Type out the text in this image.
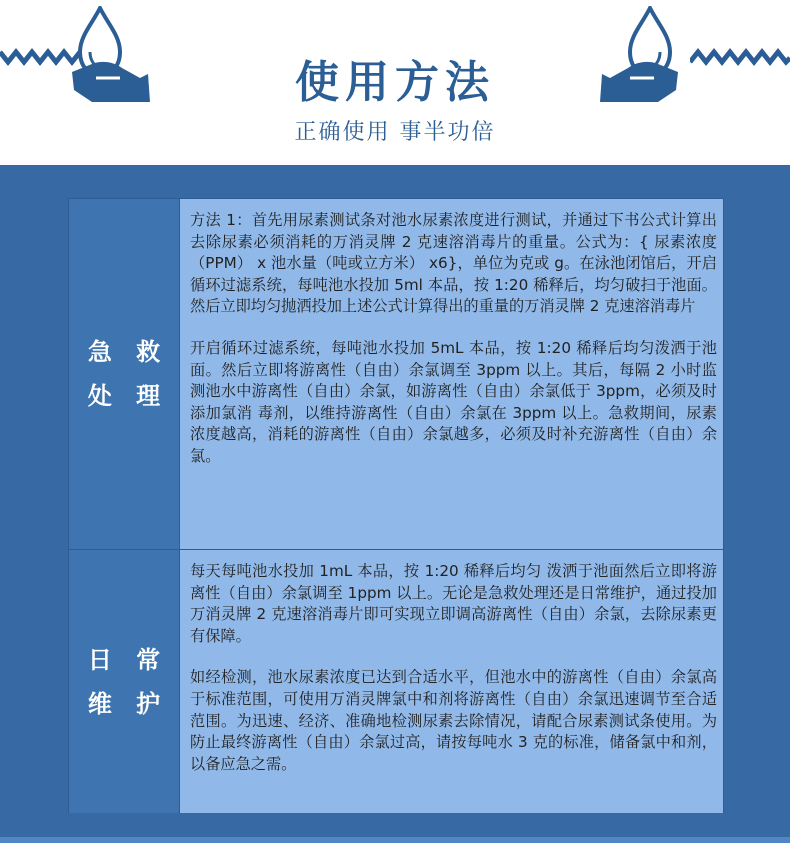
使用方法

正确使用 事半功倍

急 救
处 理

方法 1：首先用尿素测试条对池水尿素浓度进行测试，并通过下书公式计算出去除尿素必须消耗的万消灵牌 2 克速溶消毒片的重量。公式为：{ 尿素浓度（PPM） x 池水量（吨或立方米） x6}，单位为克或 g。在泳池闭馆后，开启循环过滤系统，每吨池水投加 5ml 本品，按 1:20 稀释后，均匀破扫于池面。然后立即均匀抛洒投加上述公式计算得出的重量的万消灵牌 2 克速溶消毒片

开启循环过滤系统，每吨池水投加 5mL 本品，按 1:20 稀释后均匀泼洒于池面。然后立即将游离性（自由）余氯调至 3ppm 以上。其后，每隔 2 小时监测池水中游离性（自由）余氯，如游离性（自由）余氯低于 3ppm，必须及时添加氯消 毒剂，以维持游离性（自由）余氯在 3ppm 以上。急救期间，尿素浓度越高，消耗的游离性（自由）余氯越多，必须及时补充游离性（自由）余氯。

日 常
维 护

每天每吨池水投加 1mL 本品，按 1:20 稀释后均匀 泼洒于池面然后立即将游离性（自由）余氯调至 1ppm 以上。无论是急救处理还是日常维护，通过投加万消灵牌 2 克速溶消毒片即可实现立即调高游离性（自由）余氯，去除尿素更有保障。

如经检测，池水尿素浓度已达到合适水平，但池水中的游离性（自由）余氯高于标准范围，可使用万消灵牌氯中和剂将游离性（自由）余氯迅速调节至合适范围。为迅速、经济、准确地检测尿素去除情况，请配合尿素测试条使用。为防止最终游离性（自由）余氯过高，请按每吨水 3 克的标准，储备氯中和剂，以备应急之需。
